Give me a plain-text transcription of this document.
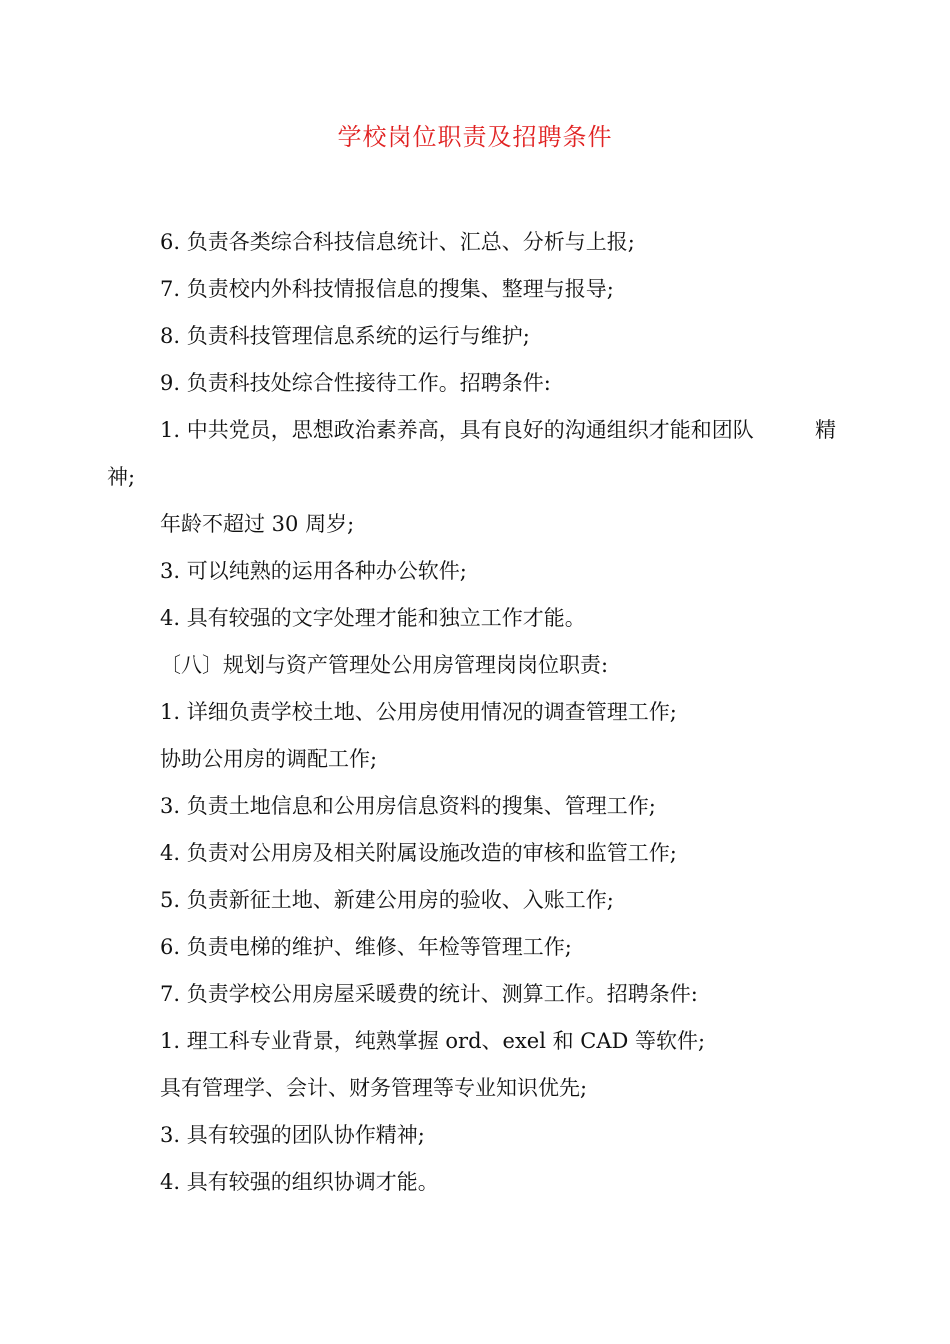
学校岗位职责及招聘条件
6. 负责各类综合科技信息统计、汇总、分析与上报;
7. 负责校内外科技情报信息的搜集、整理与报导;
8. 负责科技管理信息系统的运行与维护;
9. 负责科技处综合性接待工作。招聘条件:
1. 中共党员，思想政治素养高，具有良好的沟通组织才能和团队	精
神;
年龄不超过 30 周岁;
3. 可以纯熟的运用各种办公软件;
4. 具有较强的文字处理才能和独立工作才能。
〔八〕规划与资产管理处公用房管理岗岗位职责:
1. 详细负责学校土地、公用房使用情况的调查管理工作;
协助公用房的调配工作;
3. 负责土地信息和公用房信息资料的搜集、管理工作;
4. 负责对公用房及相关附属设施改造的审核和监管工作;
5. 负责新征土地、新建公用房的验收、入账工作;
6. 负责电梯的维护、维修、年检等管理工作;
7. 负责学校公用房屋采暖费的统计、测算工作。招聘条件:
1. 理工科专业背景，纯熟掌握 ord、exel 和 CAD 等软件;
具有管理学、会计、财务管理等专业知识优先;
3. 具有较强的团队协作精神;
4. 具有较强的组织协调才能。
